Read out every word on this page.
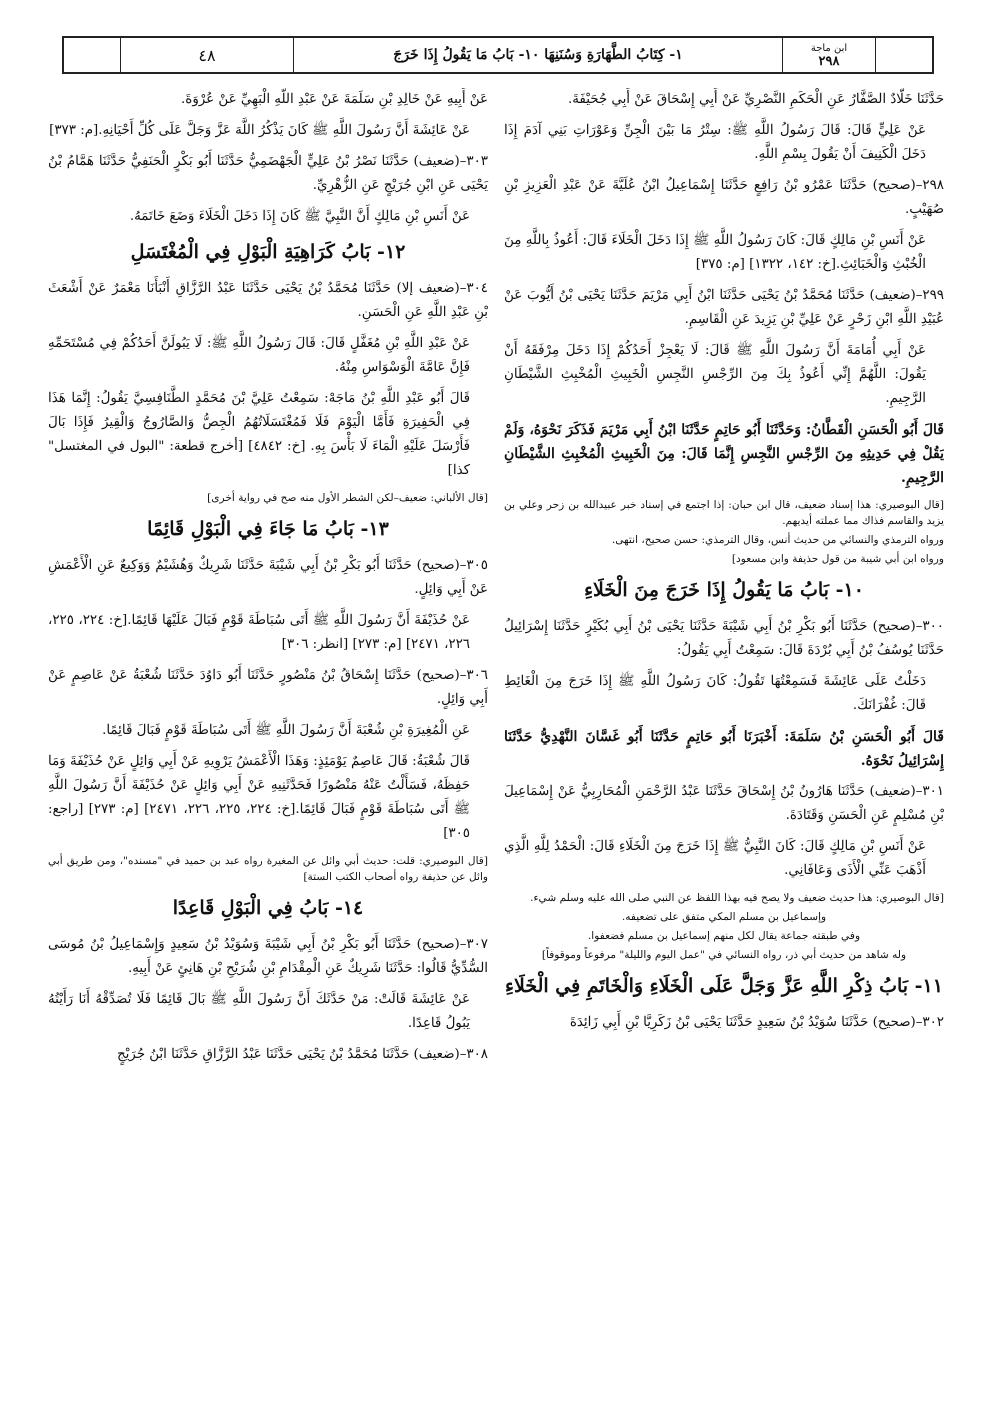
٤٨	١- كِتَابُ الطَّهَارَةِ وَسُنَنِهَا ١٠- بَابُ مَا يَقُولُ إِذَا خَرَجَ	ابن ماجة
٢٩٨

حَدَّثَنَا خَلَّادٌ الصَّفَّارُ عَنِ الْحَكَمِ النَّصْرِيِّ عَنْ أَبِي إِسْحَاقَ عَنْ أَبِي جُحَيْفَةَ.

عَنْ عَلِيٍّ قَالَ: قَالَ رَسُولُ اللَّهِ ﷺ: سِتْرُ مَا بَيْنَ الْجِنِّ وَعَوْرَاتِ بَنِي آدَمَ إِذَا دَخَلَ الْكَنِيفَ أَنْ يَقُولَ بِسْمِ اللَّهِ.

٢٩٨–(صحيح) حَدَّثَنَا عَمْرُو بْنُ رَافِعٍ حَدَّثَنَا إِسْمَاعِيلُ ابْنُ عُلَيَّةَ عَنْ عَبْدِ الْعَزِيزِ بْنِ صُهَيْبٍ.

عَنْ أَنَسِ بْنِ مَالِكٍ قَالَ: كَانَ رَسُولُ اللَّهِ ﷺ إِذَا دَخَلَ الْخَلَاءَ قَالَ: أَعُوذُ بِاللَّهِ مِنَ الْخُبْثِ وَالْخَبَائِثِ.[خ: ١٤٢، ١٣٢٢] [م: ٣٧٥]

٢٩٩–(ضعيف) حَدَّثَنَا مُحَمَّدُ بْنُ يَحْيَى حَدَّثَنَا ابْنُ أَبِي مَرْيَمَ حَدَّثَنَا يَحْيَى بْنُ أَيُّوبَ عَنْ عُبَيْدِ اللَّهِ ابْنِ زَحْرٍ عَنْ عَلِيِّ بْنِ يَزِيدَ عَنِ الْقَاسِمِ.

عَنْ أَبِي أُمَامَةَ أَنَّ رَسُولَ اللَّهِ ﷺ قَالَ: لَا يَعْجِزْ أَحَدُكُمْ إِذَا دَخَلَ مِرْفَقَهُ أَنْ يَقُولَ: اللَّهُمَّ إِنِّي أَعُوذُ بِكَ مِنَ الرِّجْسِ النَّجِسِ الْخَبِيثِ الْمُخْبِثِ الشَّيْطَانِ الرَّجِيمِ.

قَالَ أَبُو الْحَسَنِ الْقَطَّانُ: وَحَدَّثَنَا أَبُو حَاتِمٍ حَدَّثَنَا ابْنُ أَبِي مَرْيَمَ فَذَكَرَ نَحْوَهُ، وَلَمْ يَقُلْ فِي حَدِيثِهِ مِنَ الرِّجْسِ النَّجِسِ إِنَّمَا قَالَ: مِنَ الْخَبِيثِ الْمُخْبِثِ الشَّيْطَانِ الرَّجِيمِ.

[قال البوصيري: هذا إسناد ضعيف، قال ابن حبان: إذا اجتمع في إسناد خبر عبيدالله بن زحر وعلي بن يزيد والقاسم فذاك مما عملته أيديهم.

ورواه الترمذي والنسائي من حديث أنس، وقال الترمذي: حسن صحيح، انتهى.

ورواه ابن أبي شيبة من قول حذيفة وابن مسعود]

١٠- بَابُ مَا يَقُولُ إِذَا خَرَجَ مِنَ الْخَلَاءِ

٣٠٠–(صحيح) حَدَّثَنَا أَبُو بَكْرِ بْنُ أَبِي شَيْبَةَ حَدَّثَنَا يَحْيَى بْنُ أَبِي بُكَيْرٍ حَدَّثَنَا إِسْرَائِيلُ حَدَّثَنَا يُوسُفُ بْنُ أَبِي بُرْدَةَ قَالَ: سَمِعْتُ أَبِي يَقُولُ:

دَخَلْتُ عَلَى عَائِشَةَ فَسَمِعْتُهَا تَقُولُ: كَانَ رَسُولُ اللَّهِ ﷺ إِذَا خَرَجَ مِنَ الْغَائِطِ قَالَ: غُفْرَانَكَ.

قَالَ أَبُو الْحَسَنِ بْنُ سَلَمَةَ: أَخْبَرَنَا أَبُو حَاتِمٍ حَدَّثَنَا أَبُو غَسَّانَ النَّهْدِيُّ حَدَّثَنَا إِسْرَائِيلُ نَحْوَهُ.

٣٠١–(ضعيف) حَدَّثَنَا هَارُونُ بْنُ إِسْحَاقَ حَدَّثَنَا عَبْدُ الرَّحْمَنِ الْمُحَارِبِيُّ عَنْ إِسْمَاعِيلَ بْنِ مُسْلِمٍ عَنِ الْحَسَنِ وَقَتَادَةَ.

عَنْ أَنَسِ بْنِ مَالِكٍ قَالَ: كَانَ النَّبِيُّ ﷺ إِذَا خَرَجَ مِنَ الْخَلَاءِ قَالَ: الْحَمْدُ لِلَّهِ الَّذِي أَذْهَبَ عَنِّي الْأَذَى وَعَافَانِي.

[قال البوصيري: هذا حديث ضعيف ولا يصح فيه بهذا اللفظ عن النبي صلى الله عليه وسلم شيء.

وإسماعيل بن مسلم المكي متفق على تضعيفه.

وفي طبقته جماعة يقال لكل منهم إسماعيل بن مسلم فضعفوا.

وله شاهد من حديث أبي ذر، رواه النسائي في "عمل اليوم والليلة" مرفوعاً وموقوفاً]

١١- بَابُ ذِكْرِ اللَّهِ عَزَّ وَجَلَّ عَلَى الْخَلَاءِ وَالْخَاتَمِ فِي الْخَلَاءِ

٣٠٢–(صحيح) حَدَّثَنَا سُوَيْدُ بْنُ سَعِيدٍ حَدَّثَنَا يَحْيَى بْنُ زَكَرِيَّا بْنِ أَبِي زَائِدَةَ

عَنْ أَبِيهِ عَنْ خَالِدِ بْنِ سَلَمَةَ عَنْ عَبْدِ اللَّهِ الْبَهِيِّ عَنْ عُرْوَةَ.

عَنْ عَائِشَةَ أَنَّ رَسُولَ اللَّهِ ﷺ كَانَ يَذْكُرُ اللَّهَ عَزَّ وَجَلَّ عَلَى كُلِّ أَحْيَانِهِ.[م: ٣٧٣]

٣٠٣–(ضعيف) حَدَّثَنَا نَصْرُ بْنُ عَلِيٍّ الْجَهْضَمِيُّ حَدَّثَنَا أَبُو بَكْرٍ الْحَنَفِيُّ حَدَّثَنَا هَمَّامُ بْنُ يَحْيَى عَنِ ابْنِ جُرَيْجٍ عَنِ الزُّهْرِيِّ.

عَنْ أَنَسِ بْنِ مَالِكٍ أَنَّ النَّبِيَّ ﷺ كَانَ إِذَا دَخَلَ الْخَلَاءَ وَضَعَ خَاتَمَهُ.

١٢- بَابُ كَرَاهِيَةِ الْبَوْلِ فِي الْمُغْتَسَلِ

٣٠٤–(ضعيف إلا) حَدَّثَنَا مُحَمَّدُ بْنُ يَحْيَى حَدَّثَنَا عَبْدُ الرَّزَّاقِ أَنْبَأَنَا مَعْمَرٌ عَنْ أَشْعَثَ بْنِ عَبْدِ اللَّهِ عَنِ الْحَسَنِ.

عَنْ عَبْدِ اللَّهِ بْنِ مُغَفَّلٍ قَالَ: قَالَ رَسُولُ اللَّهِ ﷺ: لَا يَبُولَنَّ أَحَدُكُمْ فِي مُسْتَحَمِّهِ فَإِنَّ عَامَّةَ الْوَسْوَاسِ مِنْهُ.

قَالَ أَبُو عَبْدِ اللَّهِ بْنُ مَاجَهْ: سَمِعْتُ عَلِيَّ بْنَ مُحَمَّدٍ الطَّنَافِسِيَّ يَقُولُ: إِنَّمَا هَذَا فِي الْحَفِيرَةِ فَأَمَّا الْيَوْمَ فَلَا فَمُغْتَسَلَاتُهُمُ الْجِصُّ وَالصَّارُوجُ وَالْقِيرُ فَإِذَا بَالَ فَأَرْسَلَ عَلَيْهِ الْمَاءَ لَا بَأْسَ بِهِ. [خ: ٤٨٤٢] [أخرج قطعة: "البول في المغتسل" كذا]

[قال الألباني: ضعيف–لكن الشطر الأول منه صح في رواية أخرى]

١٣- بَابُ مَا جَاءَ فِي الْبَوْلِ قَائِمًا

٣٠٥–(صحيح) حَدَّثَنَا أَبُو بَكْرِ بْنُ أَبِي شَيْبَةَ حَدَّثَنَا شَرِيكٌ وَهُشَيْمٌ وَوَكِيعٌ عَنِ الْأَعْمَشِ عَنْ أَبِي وَائِلٍ.

عَنْ حُذَيْفَةَ أَنَّ رَسُولَ اللَّهِ ﷺ أَتَى سُبَاطَةَ قَوْمٍ فَبَالَ عَلَيْهَا قَائِمًا.[خ: ٢٢٤، ٢٢٥، ٢٢٦، ٢٤٧١] [م: ٢٧٣] [انظر: ٣٠٦]

٣٠٦–(صحيح) حَدَّثَنَا إِسْحَاقُ بْنُ مَنْصُورٍ حَدَّثَنَا أَبُو دَاوُدَ حَدَّثَنَا شُعْبَةُ عَنْ عَاصِمٍ عَنْ أَبِي وَائِلٍ.

عَنِ الْمُغِيرَةِ بْنِ شُعْبَةَ أَنَّ رَسُولَ اللَّهِ ﷺ أَتَى سُبَاطَةَ قَوْمٍ فَبَالَ قَائِمًا.

قَالَ شُعْبَةُ: قَالَ عَاصِمٌ يَوْمَئِذٍ: وَهَذَا الْأَعْمَشُ يَرْوِيهِ عَنْ أَبِي وَائِلٍ عَنْ حُذَيْفَةَ وَمَا حَفِظَهُ، فَسَأَلْتُ عَنْهُ مَنْصُورًا فَحَدَّثَنِيهِ عَنْ أَبِي وَائِلٍ عَنْ حُذَيْفَةَ أَنَّ رَسُولَ اللَّهِ ﷺ أَتَى سُبَاطَةَ قَوْمٍ فَبَالَ قَائِمًا.[خ: ٢٢٤، ٢٢٥، ٢٢٦، ٢٤٧١] [م: ٢٧٣] [راجع: ٣٠٥]

[قال البوصيري: قلت: حديث أبي وائل عن المغيرة رواه عبد بن حميد في "مسنده"، ومن طريق أبي وائل عن حذيفة رواه أصحاب الكتب الستة]

١٤- بَابُ فِي الْبَوْلِ قَاعِدًا

٣٠٧–(صحيح) حَدَّثَنَا أَبُو بَكْرِ بْنُ أَبِي شَيْبَةَ وَسُوَيْدُ بْنُ سَعِيدٍ وَإِسْمَاعِيلُ بْنُ مُوسَى السُّدِّيُّ قَالُوا: حَدَّثَنَا شَرِيكٌ عَنِ الْمِقْدَامِ بْنِ شُرَيْحِ بْنِ هَانِئٍ عَنْ أَبِيهِ.

عَنْ عَائِشَةَ قَالَتْ: مَنْ حَدَّثَكَ أَنَّ رَسُولَ اللَّهِ ﷺ بَالَ قَائِمًا فَلَا تُصَدِّقْهُ أَنَا رَأَيْتُهُ يَبُولُ قَاعِدًا.

٣٠٨–(ضعيف) حَدَّثَنَا مُحَمَّدُ بْنُ يَحْيَى حَدَّثَنَا عَبْدُ الرَّزَّاقِ حَدَّثَنَا ابْنُ جُرَيْجٍ
